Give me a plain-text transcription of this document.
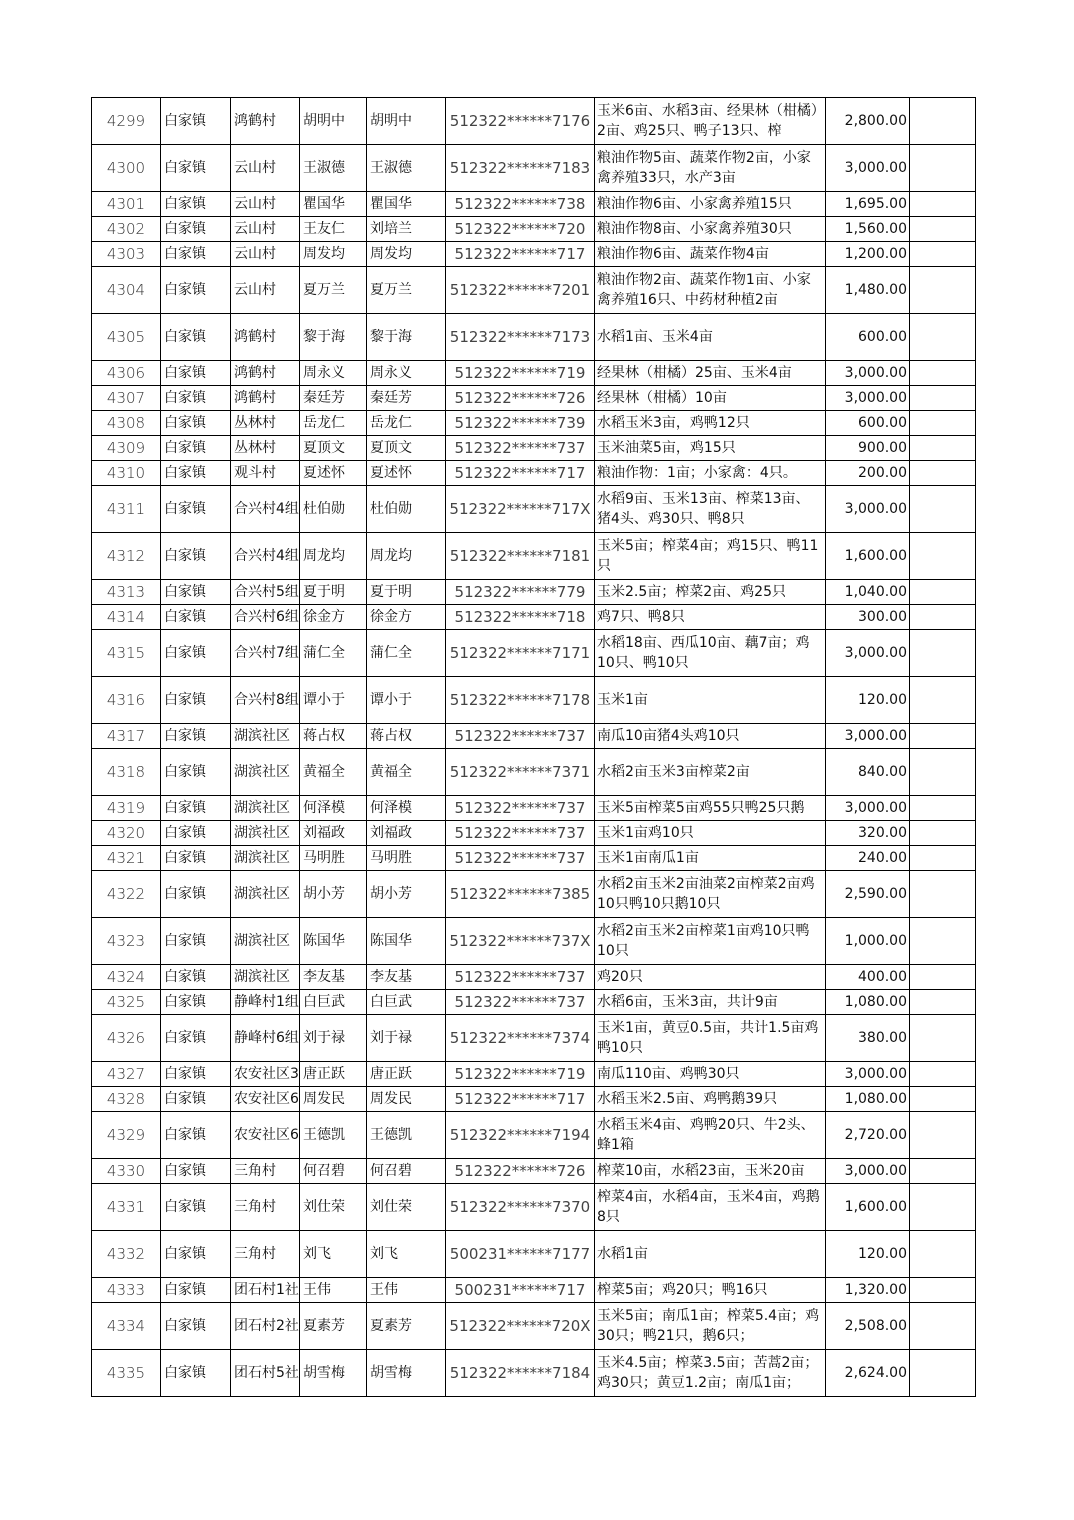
4299	白家镇	鸿鹤村	胡明中	胡明中	512322******7176	玉米6亩、水稻3亩、经果林（柑橘）2亩、鸡25只、鸭子13只、榨	2,800.00	
4300	白家镇	云山村	王淑德	王淑德	512322******7183	粮油作物5亩、蔬菜作物2亩，小家禽养殖33只，水产3亩	3,000.00	
4301	白家镇	云山村	瞿国华	瞿国华	512322******738	粮油作物6亩、小家禽养殖15只	1,695.00	
4302	白家镇	云山村	王友仁	刘培兰	512322******720	粮油作物8亩、小家禽养殖30只	1,560.00	
4303	白家镇	云山村	周发均	周发均	512322******717	粮油作物6亩、蔬菜作物4亩	1,200.00	
4304	白家镇	云山村	夏万兰	夏万兰	512322******7201	粮油作物2亩、蔬菜作物1亩、小家禽养殖16只、中药材种植2亩	1,480.00	
4305	白家镇	鸿鹤村	黎于海	黎于海	512322******7173	水稻1亩、玉米4亩	600.00	
4306	白家镇	鸿鹤村	周永义	周永义	512322******719	经果林（柑橘）25亩、玉米4亩	3,000.00	
4307	白家镇	鸿鹤村	秦廷芳	秦廷芳	512322******726	经果林（柑橘）10亩	3,000.00	
4308	白家镇	丛林村	岳龙仁	岳龙仁	512322******739	水稻玉米3亩，鸡鸭12只	600.00	
4309	白家镇	丛林村	夏顶文	夏顶文	512322******737	玉米油菜5亩，鸡15只	900.00	
4310	白家镇	观斗村	夏述怀	夏述怀	512322******717	粮油作物：1亩；小家禽：4只。	200.00	
4311	白家镇	合兴村4组	杜伯勋	杜伯勋	512322******717X	水稻9亩、玉米13亩、榨菜13亩、猪4头、鸡30只、鸭8只	3,000.00	
4312	白家镇	合兴村4组	周龙均	周龙均	512322******7181	玉米5亩；榨菜4亩；鸡15只、鸭11只	1,600.00	
4313	白家镇	合兴村5组	夏于明	夏于明	512322******779	玉米2.5亩；榨菜2亩、鸡25只	1,040.00	
4314	白家镇	合兴村6组	徐金方	徐金方	512322******718	鸡7只、鸭8只	300.00	
4315	白家镇	合兴村7组	蒲仁全	蒲仁全	512322******7171	水稻18亩、西瓜10亩、藕7亩；鸡10只、鸭10只	3,000.00	
4316	白家镇	合兴村8组	谭小于	谭小于	512322******7178	玉米1亩	120.00	
4317	白家镇	湖滨社区	蒋占权	蒋占权	512322******737	南瓜10亩猪4头鸡10只	3,000.00	
4318	白家镇	湖滨社区	黄福全	黄福全	512322******7371	水稻2亩玉米3亩榨菜2亩	840.00	
4319	白家镇	湖滨社区	何泽模	何泽模	512322******737	玉米5亩榨菜5亩鸡55只鸭25只鹅	3,000.00	
4320	白家镇	湖滨社区	刘福政	刘福政	512322******737	玉米1亩鸡10只	320.00	
4321	白家镇	湖滨社区	马明胜	马明胜	512322******737	玉米1亩南瓜1亩	240.00	
4322	白家镇	湖滨社区	胡小芳	胡小芳	512322******7385	水稻2亩玉米2亩油菜2亩榨菜2亩鸡10只鸭10只鹅10只	2,590.00	
4323	白家镇	湖滨社区	陈国华	陈国华	512322******737X	水稻2亩玉米2亩榨菜1亩鸡10只鸭10只	1,000.00	
4324	白家镇	湖滨社区	李友基	李友基	512322******737	鸡20只	400.00	
4325	白家镇	静峰村1组	白巨武	白巨武	512322******737	水稻6亩，玉米3亩，共计9亩	1,080.00	
4326	白家镇	静峰村6组	刘于禄	刘于禄	512322******7374	玉米1亩，黄豆0.5亩，共计1.5亩鸡鸭10只	380.00	
4327	白家镇	农安社区3	唐正跃	唐正跃	512322******719	南瓜110亩、鸡鸭30只	3,000.00	
4328	白家镇	农安社区6	周发民	周发民	512322******717	水稻玉米2.5亩、鸡鸭鹅39只	1,080.00	
4329	白家镇	农安社区6	王德凯	王德凯	512322******7194	水稻玉米4亩、鸡鸭20只、牛2头、蜂1箱	2,720.00	
4330	白家镇	三角村	何召碧	何召碧	512322******726	榨菜10亩，水稻23亩，玉米20亩	3,000.00	
4331	白家镇	三角村	刘仕荣	刘仕荣	512322******7370	榨菜4亩，水稻4亩，玉米4亩，鸡鹅8只	1,600.00	
4332	白家镇	三角村	刘飞	刘飞	500231******7177	水稻1亩	120.00	
4333	白家镇	团石村1社	王伟	王伟	500231******717	榨菜5亩；鸡20只；鸭16只	1,320.00	
4334	白家镇	团石村2社	夏素芳	夏素芳	512322******720X	玉米5亩；南瓜1亩；榨菜5.4亩；鸡30只；鸭21只，鹅6只；	2,508.00	
4335	白家镇	团石村5社	胡雪梅	胡雪梅	512322******7184	玉米4.5亩；榨菜3.5亩；苦蒿2亩；鸡30只；黄豆1.2亩；南瓜1亩；	2,624.00	
